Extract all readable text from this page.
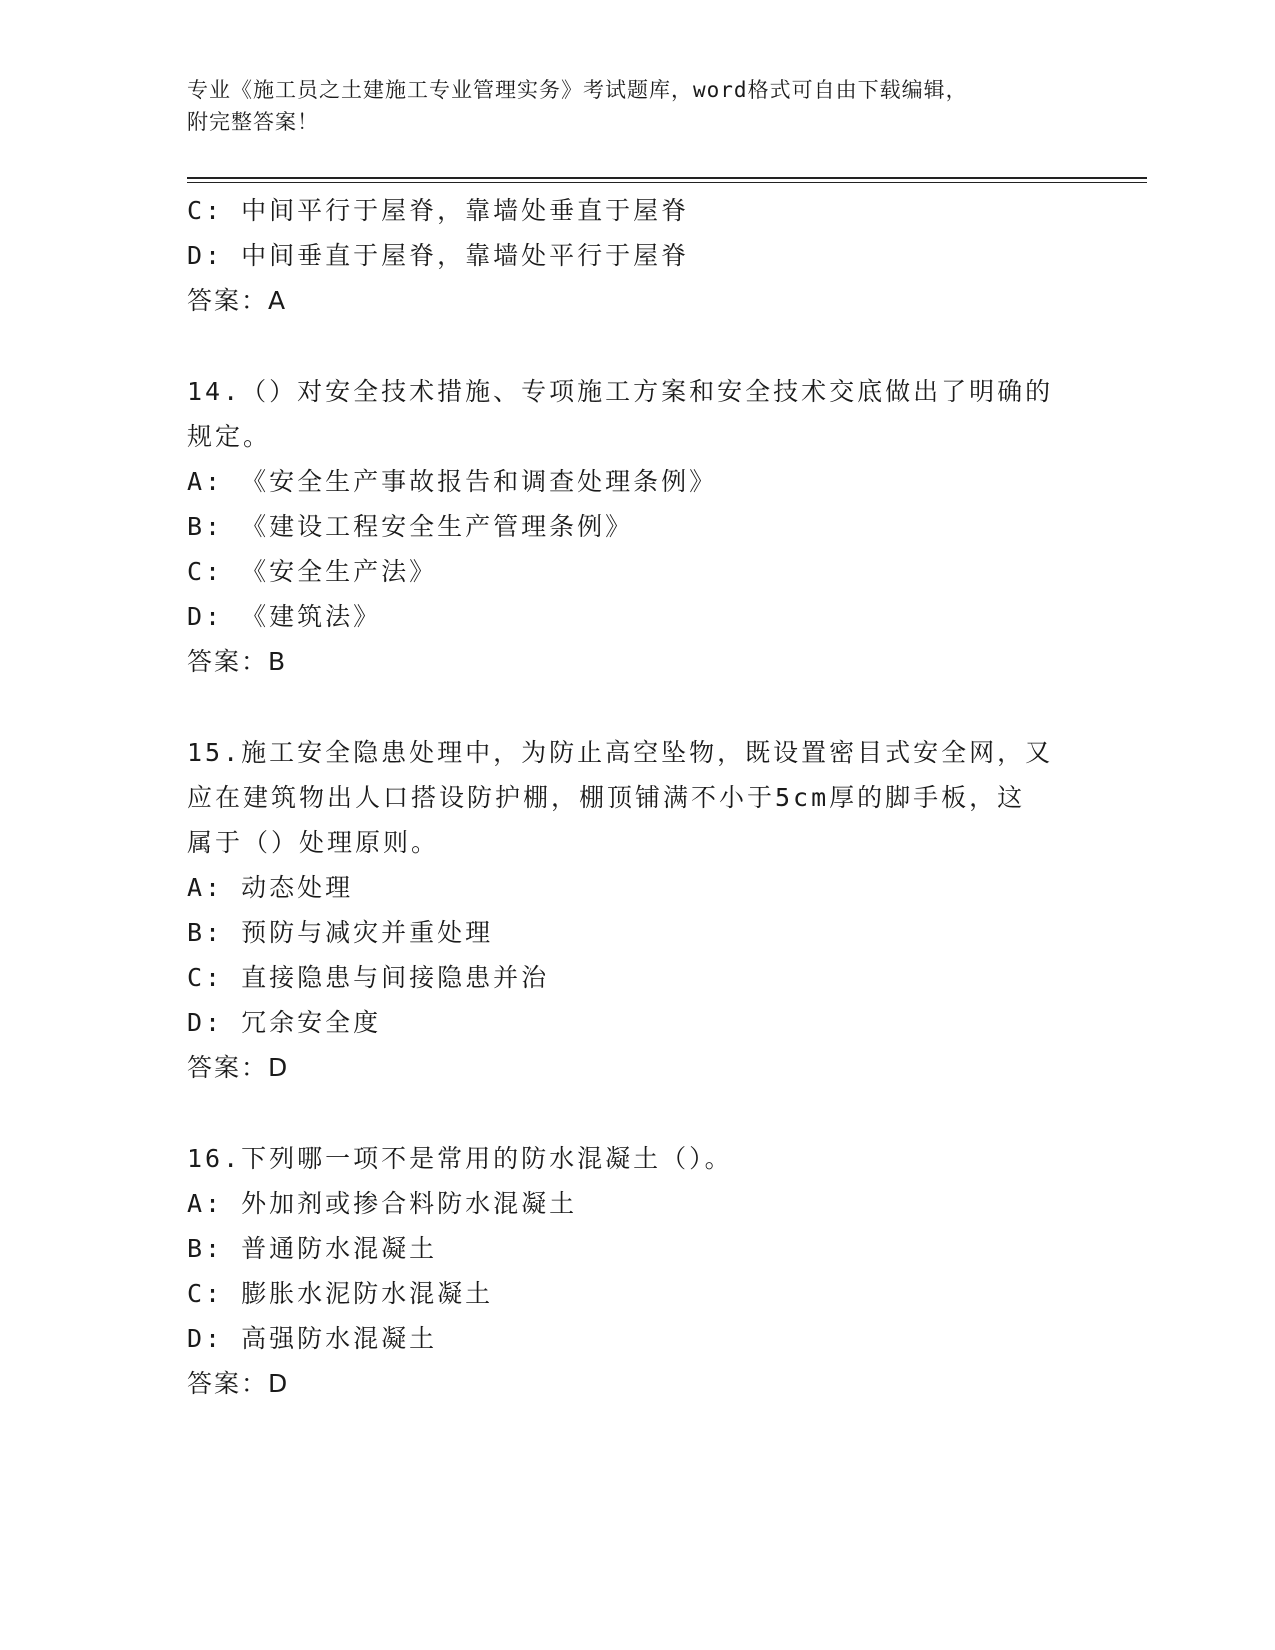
专业《施工员之土建施工专业管理实务》考试题库，word格式可自由下载编辑，
附完整答案！
C: 中间平行于屋脊，靠墙处垂直于屋脊
D: 中间垂直于屋脊，靠墙处平行于屋脊
答案：A
14.（）对安全技术措施、专项施工方案和安全技术交底做出了明确的
规定。
A: 《安全生产事故报告和调查处理条例》
B: 《建设工程安全生产管理条例》
C: 《安全生产法》
D: 《建筑法》
答案：B
15.施工安全隐患处理中，为防止高空坠物，既设置密目式安全网，又
应在建筑物出人口搭设防护棚，棚顶铺满不小于5cm厚的脚手板，这
属于（）处理原则。
A: 动态处理
B: 预防与减灾并重处理
C: 直接隐患与间接隐患并治
D: 冗余安全度
答案：D
16.下列哪一项不是常用的防水混凝土（）。
A: 外加剂或掺合料防水混凝土
B: 普通防水混凝土
C: 膨胀水泥防水混凝土
D: 高强防水混凝土
答案：D
